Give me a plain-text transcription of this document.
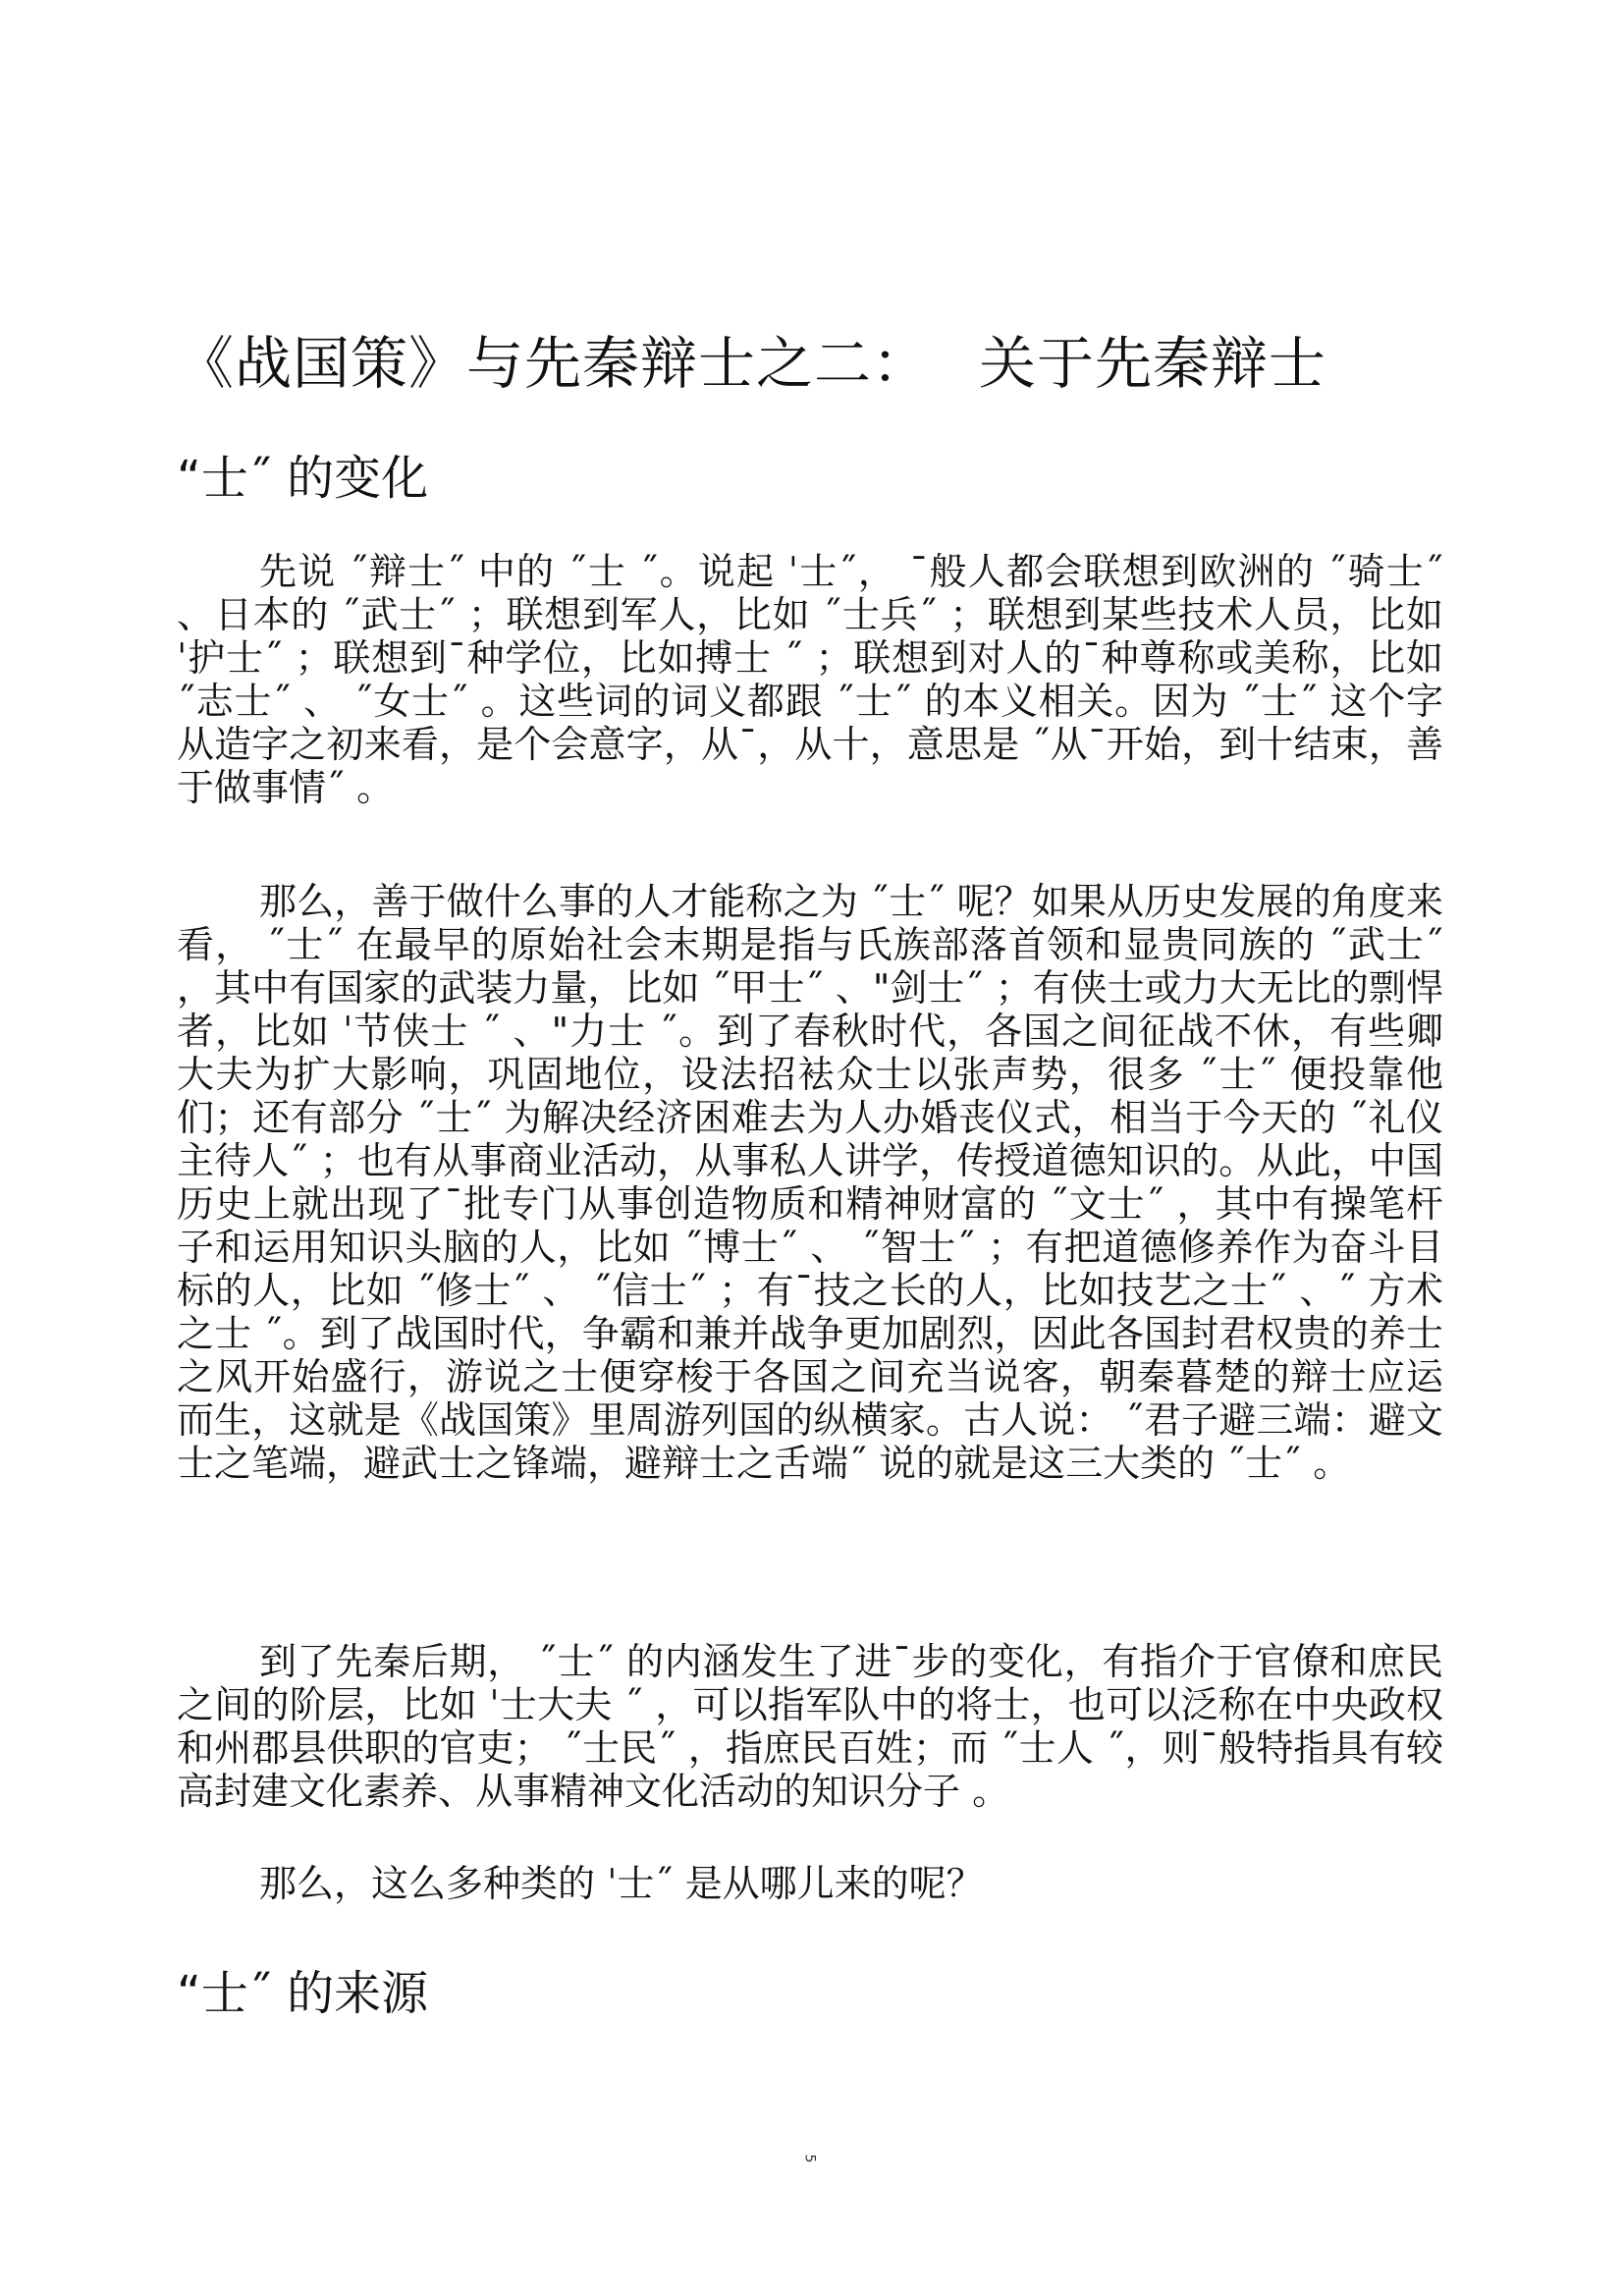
《战国策》与先秦辩士之二： 关于先秦辩士
“士˝ 的变化

先说 ˝辩士˝ 中的 ˝士 ˝。说起 ˈ士˝， ¯般人都会联想到欧洲的 ˝骑士˝ 、日本的 ˝武士˝ ；联想到军人，比如 ˝士兵˝ ；联想到某些技术人员，比如 ˈ护士˝ ；联想到¯种学位，比如搏士 ˝ ；联想到对人的¯种尊称或美称，比如 ˝志士˝ 、 ˝女士˝ 。这些词的词义都跟 ˝士˝ 的本义相关。因为 ˝士˝ 这个字从造字之初来看，是个会意字，从¯，从十，意思是 ˝从¯开始，到十结束，善于做事情˝ 。

那么，善于做什么事的人才能称之为 ˝士˝ 呢？如果从历史发展的角度来看， ˝士˝ 在最早的原始社会末期是指与氏族部落首领和显贵同族的 ˝武士˝ ，其中有国家的武装力量，比如 ˝甲士˝ 、"剑士˝ ；有侠士或力大无比的剽悍者，比如 ˈ节侠士 ˝ 、"力士 ˝。到了春秋时代，各国之间征战不休，有些卿大夫为扩大影响，巩固地位，设法招袪众士以张声势，很多 ˝士˝ 便投靠他们；还有部分 ˝士˝ 为解决经济困难去为人办婚丧仪式，相当于今天的 ˝礼仪主待人˝ ；也有从事商业活动，从事私人讲学，传授道德知识的。从此，中国历史上就出现了¯批专门从事创造物质和精神财富的 ˝文士˝ ，其中有操笔杆子和运用知识头脑的人，比如 ˝博士˝ 、 ˝智士˝ ；有把道德修养作为奋斗目标的人，比如 ˝修士˝ 、 ˝信士˝ ；有¯技之长的人，比如技艺之士˝ 、˝ 方术之士 ˝。到了战国时代，争霸和兼并战争更加剧烈，因此各国封君权贵的养士之风开始盛行，游说之士便穿梭于各国之间充当说客，朝秦暮楚的辩士应运而生，这就是《战国策》里周游列国的纵横家。古人说： ˝君子避三端：避文士之笔端，避武士之锋端，避辩士之舌端˝ 说的就是这三大类的 ˝士˝ 。

到了先秦后期， ˝士˝ 的内涵发生了进¯步的变化，有指介于官僚和庶民之间的阶层，比如 ˈ士大夫 ˝ ，可以指军队中的将士，也可以泛称在中央政权和州郡县供职的官吏； ˝士民˝ ，指庶民百姓；而 ˝士人 ˝，则¯般特指具有较高封建文化素养、从事精神文化活动的知识分子 。

那么，这么多种类的 ˈ士˝ 是从哪儿来的呢？

“士˝ 的来源
5
